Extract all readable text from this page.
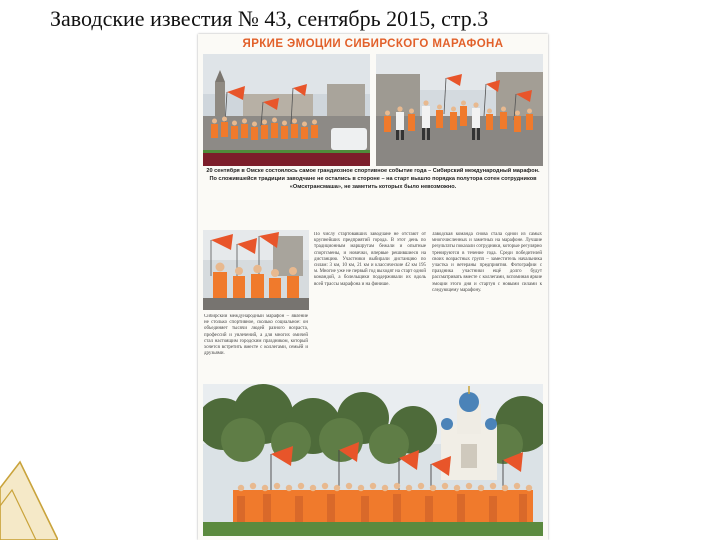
Заводские известия № 43, сентябрь 2015, стр.3
ЯРКИЕ ЭМОЦИИ СИБИРСКОГО МАРАФОНА
20 сентября в Омске состоялось самое грандиозное спортивное событие года – Сибирский международный марафон. По сложившейся традиции заводчане не остались в стороне – на старт вышло порядка полутора сотен сотрудников «Омсктрансмаша», не заметить которых было невозможно.
Сибирский международный марафон – явление не столько спортивное, сколько социальное: он объединяет тысячи людей разного возраста, профессий и увлечений, а для многих омичей стал настоящим городским праздником, который хочется встретить вместе с коллегами, семьёй и друзьями.
По числу стартовавших заводчане не отстают от крупнейших предприятий города. В этот день по традиционным маршрутам бежали и опытные спортсмены, и новички, впервые решившиеся на дистанцию. Участники выбирали дистанцию по силам: 3 км, 10 км, 21 км и классические 42 км 195 м. Многие уже не первый год выходят на старт одной командой, а болельщики поддерживали их вдоль всей трассы марафона и на финише.
Заводская команда снова стала одной из самых многочисленных и заметных на марафоне. Лучшие результаты показали сотрудники, которые регулярно тренируются в течение года. Среди победителей своих возрастных групп – заместитель начальника участка и ветераны предприятия. Фотографии с праздника участники ещё долго будут рассматривать вместе с коллегами, вспоминая яркие эмоции этого дня и стартуя с новыми силами к следующему марафону.
